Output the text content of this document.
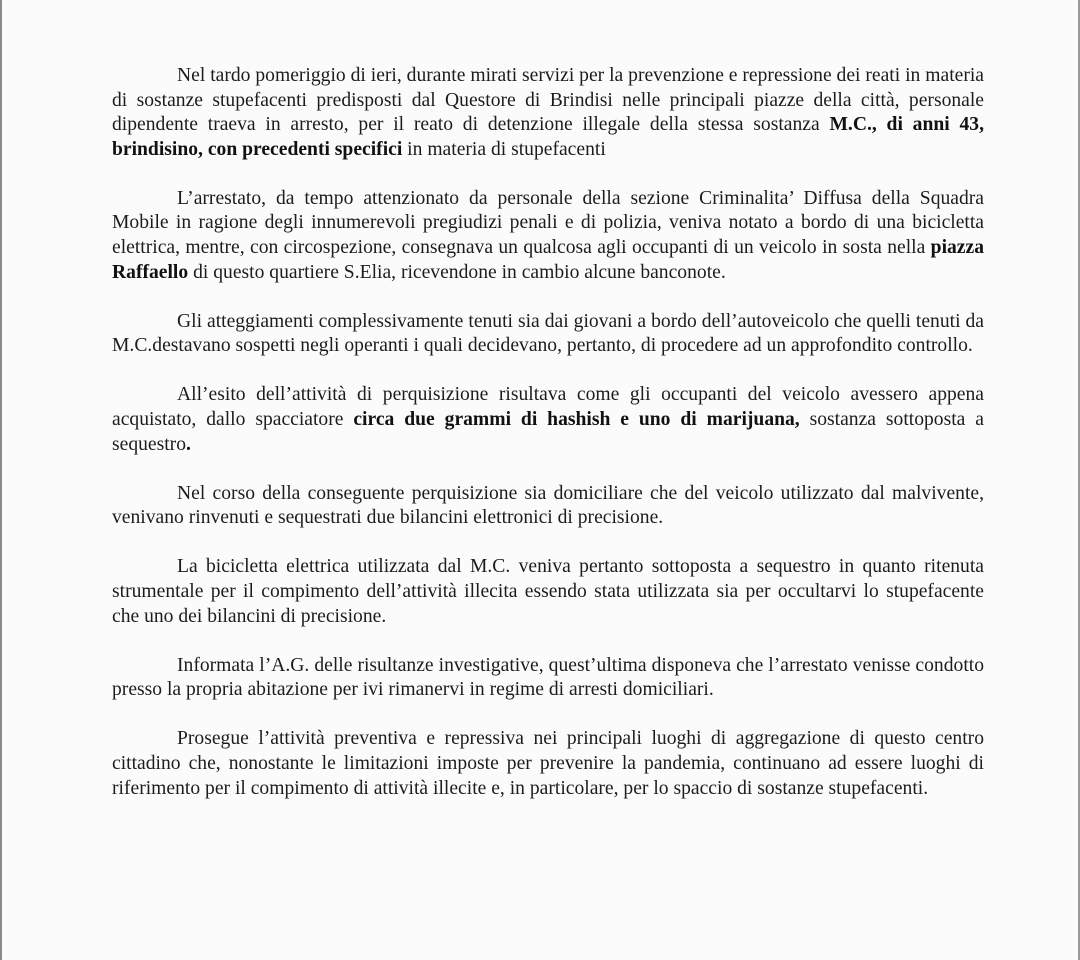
Nel tardo pomeriggio di ieri, durante mirati servizi per la prevenzione e repressione dei reati in materia di sostanze stupefacenti predisposti dal Questore di Brindisi nelle principali piazze della città, personale dipendente traeva in arresto, per il reato di detenzione illegale della stessa sostanza M.C., di anni 43, brindisino, con precedenti specifici in materia di stupefacenti

L’arrestato, da tempo attenzionato da personale della sezione Criminalita’ Diffusa della Squadra Mobile in ragione degli innumerevoli pregiudizi penali e di polizia, veniva notato a bordo di una bicicletta elettrica, mentre, con circospezione, consegnava un qualcosa agli occupanti di un veicolo in sosta nella piazza Raffaello di questo quartiere S.Elia, ricevendone in cambio alcune banconote.

Gli atteggiamenti complessivamente tenuti sia dai giovani a bordo dell’autoveicolo che quelli tenuti da M.C.destavano sospetti negli operanti i quali decidevano, pertanto, di procedere ad un approfondito controllo.

All’esito dell’attività di perquisizione risultava come gli occupanti del veicolo avessero appena acquistato, dallo spacciatore circa due grammi di hashish e uno di marijuana, sostanza sottoposta a sequestro.

Nel corso della conseguente perquisizione sia domiciliare che del veicolo utilizzato dal malvivente, venivano rinvenuti e sequestrati due bilancini elettronici di precisione.

La bicicletta elettrica utilizzata dal M.C. veniva pertanto sottoposta a sequestro in quanto ritenuta strumentale per il compimento dell’attività illecita essendo stata utilizzata sia per occultarvi lo stupefacente che uno dei bilancini di precisione.

Informata l’A.G. delle risultanze investigative, quest’ultima disponeva che l’arrestato venisse condotto presso la propria abitazione per ivi rimanervi in regime di arresti domiciliari.

Prosegue l’attività preventiva e repressiva nei principali luoghi di aggregazione di questo centro cittadino che, nonostante le limitazioni imposte per prevenire la pandemia, continuano ad essere luoghi di riferimento per il compimento di attività illecite e, in particolare, per lo spaccio di sostanze stupefacenti.
